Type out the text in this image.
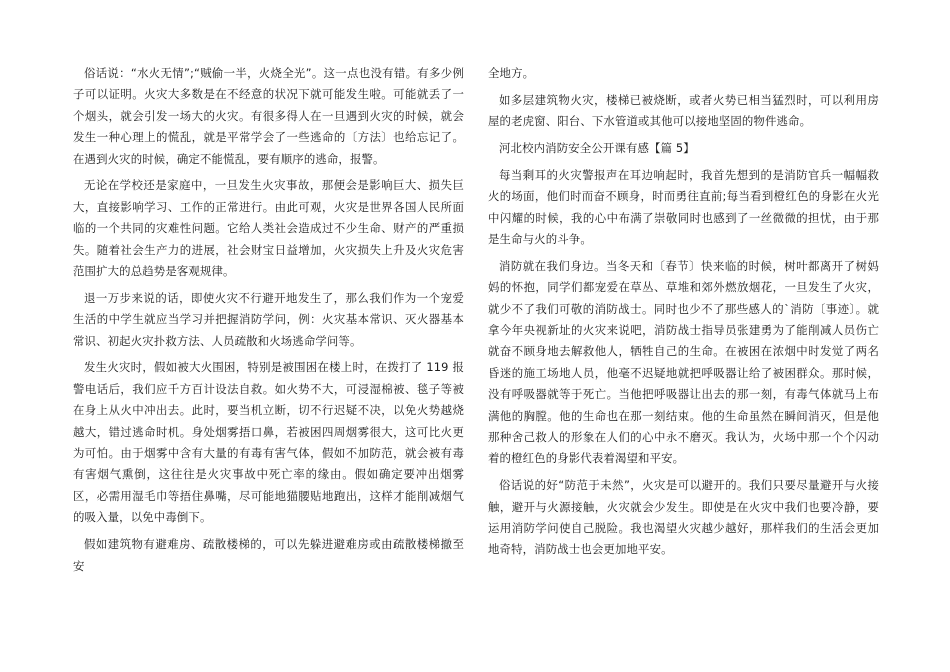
俗话说：“水火无情”;“贼偷一半，火烧全光”。这一点也没有错。有多少例子可以证明。火灾大多数是在不经意的状况下就可能发生啦。可能就丢了一个烟头，就会引发一场大的火灾。有很多得人在一旦遇到火灾的时候，就会发生一种心理上的慌乱，就是平常学会了一些逃命的〔方法〕也给忘记了。在遇到火灾的时候，确定不能慌乱，要有顺序的逃命，报警。

无论在学校还是家庭中，一旦发生火灾事故，那便会是影响巨大、损失巨大，直接影响学习、工作的正常进行。由此可观，火灾是世界各国人民所面临的一个共同的灾难性问题。它给人类社会造成过不少生命、财产的严重损失。随着社会生产力的进展，社会财宝日益增加，火灾损失上升及火灾危害范围扩大的总趋势是客观规律。

退一万步来说的话，即使火灾不行避开地发生了，那么我们作为一个宠爱生活的中学生就应当学习并把握消防学问，例：火灾基本常识、灭火器基本常识、初起火灾扑救方法、人员疏散和火场逃命学问等。

发生火灾时，假如被大火围困，特别是被围困在楼上时，在拨打了 119 报警电话后，我们应千方百计设法自救。如火势不大，可浸湿棉被、毯子等被在身上从火中冲出去。此时，要当机立断，切不行迟疑不决，以免火势越烧越大，错过逃命时机。身处烟雾捂口鼻，若被困四周烟雾很大，这可比火更为可怕。由于烟雾中含有大量的有毒有害气体，假如不加防范，就会被有毒有害烟气熏倒，这往往是火灾事故中死亡率的缘由。假如确定要冲出烟雾区，必需用湿毛巾等捂住鼻嘴，尽可能地猫腰贴地跑出，这样才能削减烟气的吸入量，以免中毒倒下。

假如建筑物有避难房、疏散楼梯的，可以先躲进避难房或由疏散楼梯撤至安

全地方。

如多层建筑物火灾，楼梯已被烧断，或者火势已相当猛烈时，可以利用房屋的老虎窗、阳台、下水管道或其他可以接地坚固的物件逃命。

河北校内消防安全公开课有感【篇 5】

每当剩耳的火灾警报声在耳边响起时，我首先想到的是消防官兵一幅幅救火的场面，他们时而奋不顾身，时而勇往直前;每当看到橙红色的身影在火光中闪耀的时候，我的心中布满了崇敬同时也感到了一丝微微的担忧，由于那是生命与火的斗争。

消防就在我们身边。当冬天和〔春节〕快来临的时候，树叶都离开了树妈妈的怀抱，同学们都宠爱在草丛、草堆和郊外燃放烟花，一旦发生了火灾，就少不了我们可敬的消防战士。同时也少不了那些感人的`消防〔事迹〕。就拿今年央视新址的火灾来说吧，消防战士指导员张建勇为了能削减人员伤亡就奋不顾身地去解救他人，牺牲自己的生命。在被困在浓烟中时发觉了两名昏迷的施工场地人员，他毫不迟疑地就把呼吸器让给了被困群众。那时候，没有呼吸器就等于死亡。当他把呼吸器让出去的那一刻，有毒气体就马上布满他的胸膛。他的生命也在那一刻结束。他的生命虽然在瞬间消灭，但是他那种舍己救人的形象在人们的心中永不磨灭。我认为，火场中那一个个闪动着的橙红色的身影代表着渴望和平安。

俗话说的好“防范于未然”，火灾是可以避开的。我们只要尽量避开与火接触，避开与火源接触，火灾就会少发生。即使是在火灾中我们也要冷静，要运用消防学问使自己脱险。我也渴望火灾越少越好，那样我们的生活会更加地奇特，消防战士也会更加地平安。
